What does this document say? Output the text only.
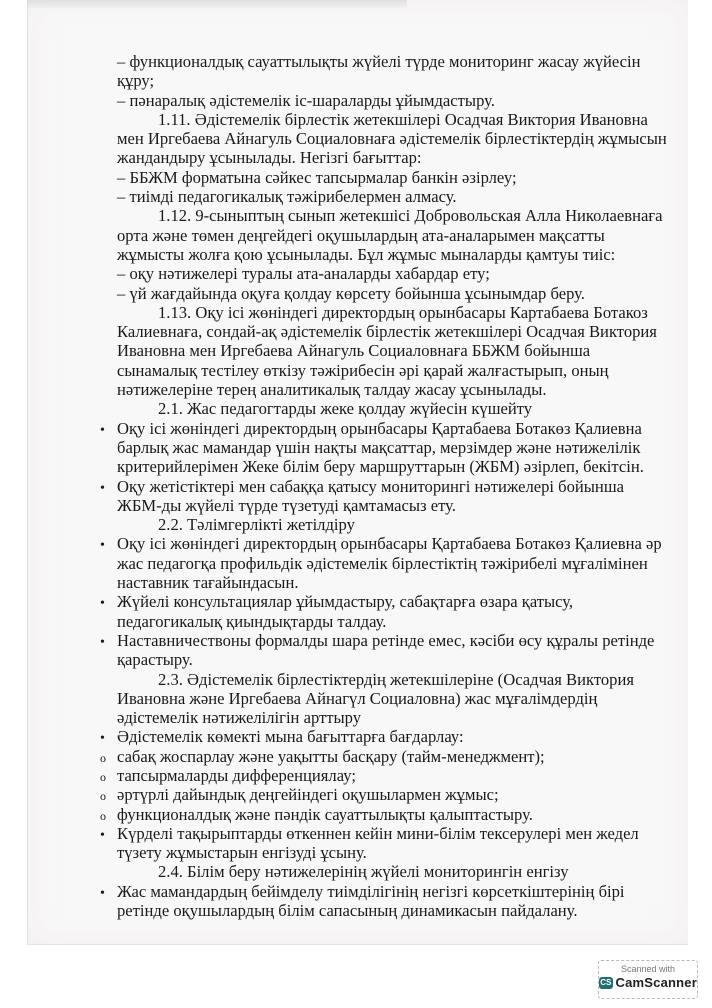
– функционалдық сауаттылықты жүйелі түрде мониторинг жасау жүйесін
құру;
– пәнаралық әдістемелік іс-шараларды ұйымдастыру.
1.11. Әдістемелік бірлестік жетекшілері Осадчая Виктория Ивановна
мен Иргебаева Айнагуль Социаловнаға әдістемелік бірлестіктердің жұмысын
жандандыру ұсынылады. Негізгі бағыттар:
– ББЖМ форматына сәйкес тапсырмалар банкін әзірлеу;
– тиімді педагогикалық тәжірибелермен алмасу.
1.12. 9-сыныптың сынып жетекшісі Добровольская Алла Николаевнаға
орта және төмен деңгейдегі оқушылардың ата-аналарымен мақсатты
жұмысты жолға қою ұсынылады. Бұл жұмыс мыналарды қамтуы тиіс:
– оқу нәтижелері туралы ата-аналарды хабардар ету;
– үй жағдайында оқуға қолдау көрсету бойынша ұсынымдар беру.
1.13. Оқу ісі жөніндегі директордың орынбасары Картабаева Ботакоз
Калиевнаға, сондай-ақ әдістемелік бірлестік жетекшілері Осадчая Виктория
Ивановна мен Иргебаева Айнагуль Социаловнаға ББЖМ бойынша
сынамалық тестілеу өткізу тәжірибесін әрі қарай жалғастырып, оның
нәтижелеріне терең аналитикалық талдау жасау ұсынылады.
2.1. Жас педагогтарды жеке қолдау жүйесін күшейту
•
Оқу ісі жөніндегі директордың орынбасары Қартабаева Ботакөз Қалиевна
барлық жас мамандар үшін нақты мақсаттар, мерзімдер және нәтижелілік
критерийлерімен Жеке білім беру маршруттарын (ЖБМ) әзірлеп, бекітсін.
•
Оқу жетістіктері мен сабаққа қатысу мониторингі нәтижелері бойынша
ЖБМ-ды жүйелі түрде түзетуді қамтамасыз ету.
2.2. Тәлімгерлікті жетілдіру
•
Оқу ісі жөніндегі директордың орынбасары Қартабаева Ботакөз Қалиевна әр
жас педагогқа профильдік әдістемелік бірлестіктің тәжірибелі мұғалімінен
наставник тағайындасын.
•
Жүйелі консультациялар ұйымдастыру, сабақтарға өзара қатысу,
педагогикалық қиындықтарды талдау.
•
Наставничествоны формалды шара ретінде емес, кәсіби өсу құралы ретінде
қарастыру.
2.3. Әдістемелік бірлестіктердің жетекшілеріне (Осадчая Виктория
Ивановна және Иргебаева Айнагүл Социаловна) жас мұғалімдердің
әдістемелік нәтижелілігін арттыру
•
Әдістемелік көмекті мына бағыттарға бағдарлау:
o
сабақ жоспарлау және уақытты басқару (тайм-менеджмент);
o
тапсырмаларды дифференциялау;
o
әртүрлі дайындық деңгейіндегі оқушылармен жұмыс;
o
функционалдық және пәндік сауаттылықты қалыптастыру.
•
Күрделі тақырыптарды өткеннен кейін мини-білім тексерулері мен жедел
түзету жұмыстарын енгізуді ұсыну.
2.4. Білім беру нәтижелерінің жүйелі мониторингін енгізу
•
Жас мамандардың бейімделу тиімділігінің негізгі көрсеткіштерінің бірі
ретінде оқушылардың білім сапасының динамикасын пайдалану.
Scanned with
CS CamScanner
